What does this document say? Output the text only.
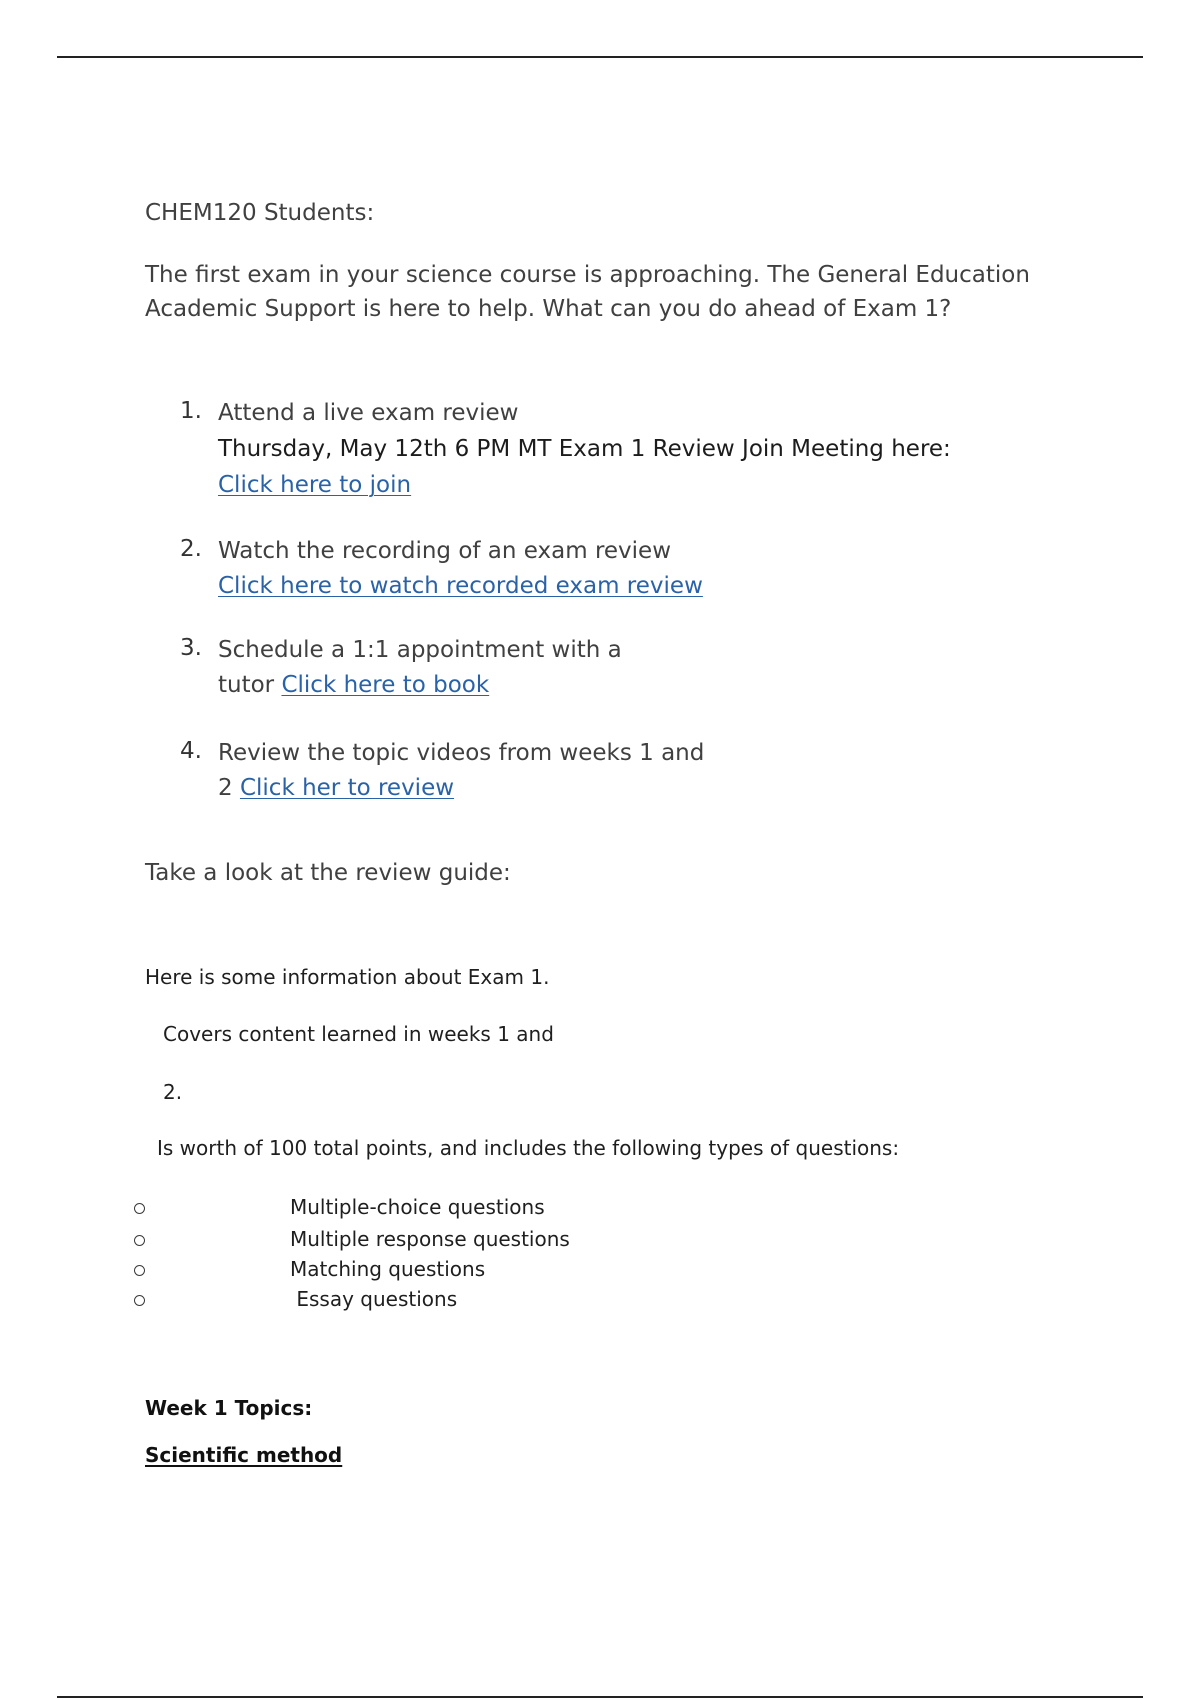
CHEM120 Students:
The first exam in your science course is approaching. The General Education Academic Support is here to help. What can you do ahead of Exam 1?
1. Attend a live exam review
Thursday, May 12th 6 PM MT Exam 1 Review Join Meeting here:
Click here to join
2. Watch the recording of an exam review
Click here to watch recorded exam review
3. Schedule a 1:1 appointment with a
tutor Click here to book
4. Review the topic videos from weeks 1 and
2 Click her to review
Take a look at the review guide:
Here is some information about Exam 1.
Covers content learned in weeks 1 and
2.
Is worth of 100 total points, and includes the following types of questions:
Multiple-choice questions
Multiple response questions
Matching questions
Essay questions
Week 1 Topics:
Scientific method
